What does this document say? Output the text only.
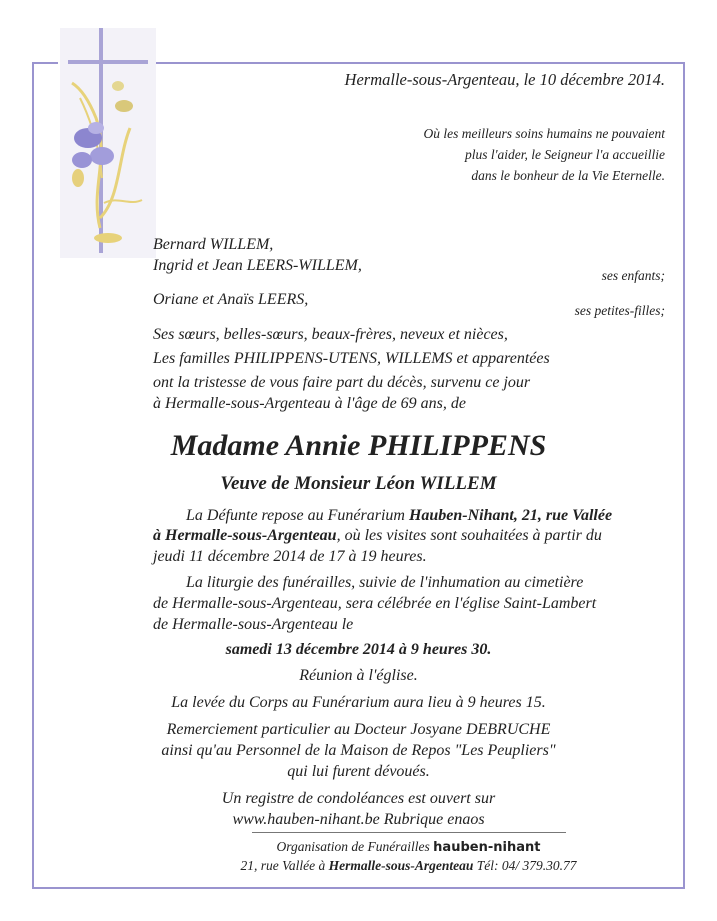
Hermalle-sous-Argenteau, le 10 décembre 2014.
Où les meilleurs soins humains ne pouvaient
plus l'aider, le Seigneur l'a accueillie
dans le bonheur de la Vie Eternelle.
Bernard WILLEM,
Ingrid et Jean LEERS-WILLEM,
ses enfants;
Oriane et Anaïs LEERS,
ses petites-filles;
Ses sœurs, belles-sœurs, beaux-frères, neveux et nièces,
Les familles PHILIPPENS-UTENS, WILLEMS et apparentées
ont la tristesse de vous faire part du décès, survenu ce jour
à Hermalle-sous-Argenteau à l'âge de 69 ans, de
Madame Annie PHILIPPENS
Veuve de Monsieur Léon WILLEM
La Défunte repose au Funérarium Hauben-Nihant, 21, rue Vallée
à Hermalle-sous-Argenteau, où les visites sont souhaitées à partir du
jeudi 11 décembre 2014 de 17 à 19 heures.
La liturgie des funérailles, suivie de l'inhumation au cimetière
de Hermalle-sous-Argenteau, sera célébrée en l'église Saint-Lambert
de Hermalle-sous-Argenteau le
samedi 13 décembre 2014 à 9 heures 30.
Réunion à l'église.
La levée du Corps au Funérarium aura lieu à 9 heures 15.
Remerciement particulier au Docteur Josyane DEBRUCHE
ainsi qu'au Personnel de la Maison de Repos "Les Peupliers"
qui lui furent dévoués.
Un registre de condoléances est ouvert sur
www.hauben-nihant.be Rubrique enaos
Organisation de Funérailles hauben-nihant
21, rue Vallée à Hermalle-sous-Argenteau Tél: 04/ 379.30.77
